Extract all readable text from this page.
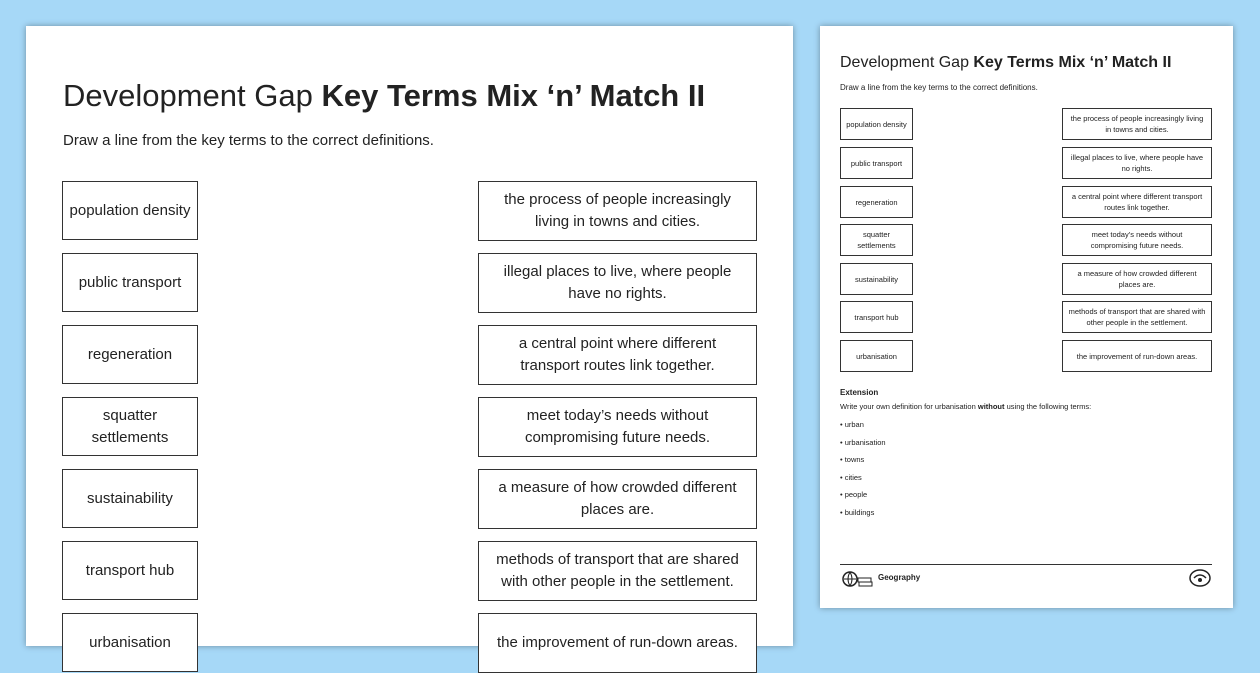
Development Gap Key Terms Mix ‘n’ Match II

Draw a line from the key terms to the correct definitions.

population density
public transport
regeneration
squatter settlements
sustainability
transport hub
urbanisation
the process of people increasingly living in towns and cities.
illegal places to live, where people have no rights.
a central point where different transport routes link together.
meet today’s needs without compromising future needs.
a measure of how crowded different places are.
methods of transport that are shared with other people in the settlement.
the improvement of run-down areas.
Development Gap Key Terms Mix ‘n’ Match II

Draw a line from the key terms to the correct definitions.

population density
public transport
regeneration
squatter settlements
sustainability
transport hub
urbanisation
the process of people increasingly living in towns and cities.
illegal places to live, where people have no rights.
a central point where different transport routes link together.
meet today’s needs without compromising future needs.
a measure of how crowded different places are.
methods of transport that are shared with other people in the settlement.
the improvement of run-down areas.

Extension

Write your own definition for urbanisation without using the following terms:

• urban
• urbanisation
• towns
• cities
• people
• buildings

Geography
